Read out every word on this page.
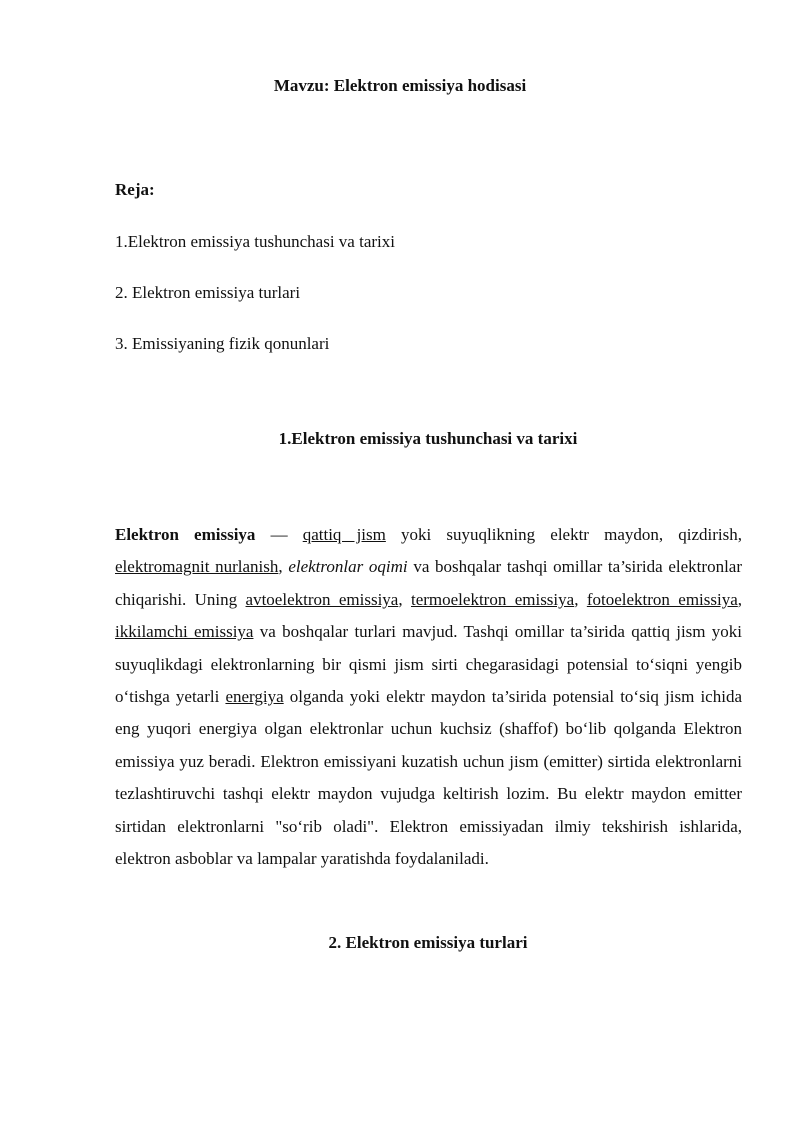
Mavzu: Elektron emissiya hodisasi
Reja:
1.Elektron emissiya tushunchasi va tarixi
2. Elektron emissiya turlari
3. Emissiyaning fizik qonunlari
1.Elektron emissiya tushunchasi va tarixi
Elektron emissiya — qattiq jism yoki suyuqlikning elektr maydon, qizdirish, elektromagnit nurlanish, elektronlar oqimi va boshqalar tashqi omillar ta’sirida elektronlar chiqarishi. Uning avtoelektron emissiya, termoelektron emissiya, fotoelektron emissiya, ikkilamchi emissiya va boshqalar turlari mavjud. Tashqi omillar ta’sirida qattiq jism yoki suyuqlikdagi elektronlarning bir qismi jism sirti chegarasidagi potensial to‘siqni yengib o‘tishga yetarli energiya olganda yoki elektr maydon ta’sirida potensial to‘siq jism ichida eng yuqori energiya olgan elektronlar uchun kuchsiz (shaffof) bo‘lib qolganda Elektron emissiya yuz beradi. Elektron emissiyani kuzatish uchun jism (emitter) sirtida elektronlarni tezlashtiruvchi tashqi elektr maydon vujudga keltirish lozim. Bu elektr maydon emitter sirtidan elektronlarni "so‘rib oladi". Elektron emissiyadan ilmiy tekshirish ishlarida, elektron asboblar va lampalar yaratishda foydalaniladi.
2. Elektron emissiya turlari
